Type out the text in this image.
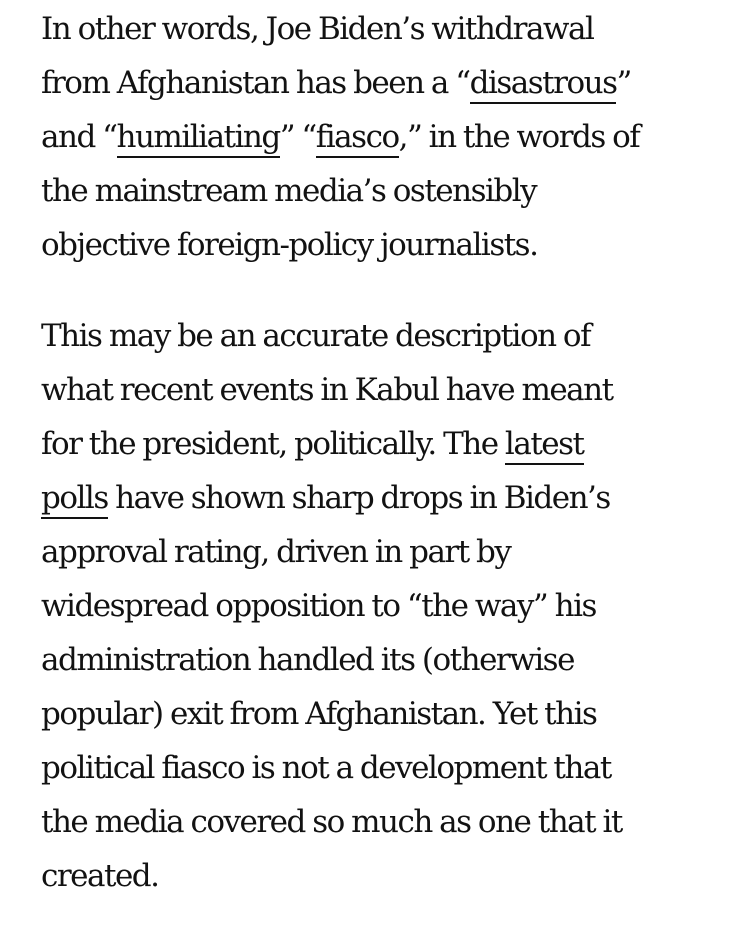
In other words, Joe Biden’s withdrawal
from Afghanistan has been a “disastrous”
and “humiliating” “fiasco,” in the words of
the mainstream media’s ostensibly
objective foreign-policy journalists.

This may be an accurate description of
what recent events in Kabul have meant
for the president, politically. The latest
polls have shown sharp drops in Biden’s
approval rating, driven in part by
widespread opposition to “the way” his
administration handled its (otherwise
popular) exit from Afghanistan. Yet this
political fiasco is not a development that
the media covered so much as one that it
created.
